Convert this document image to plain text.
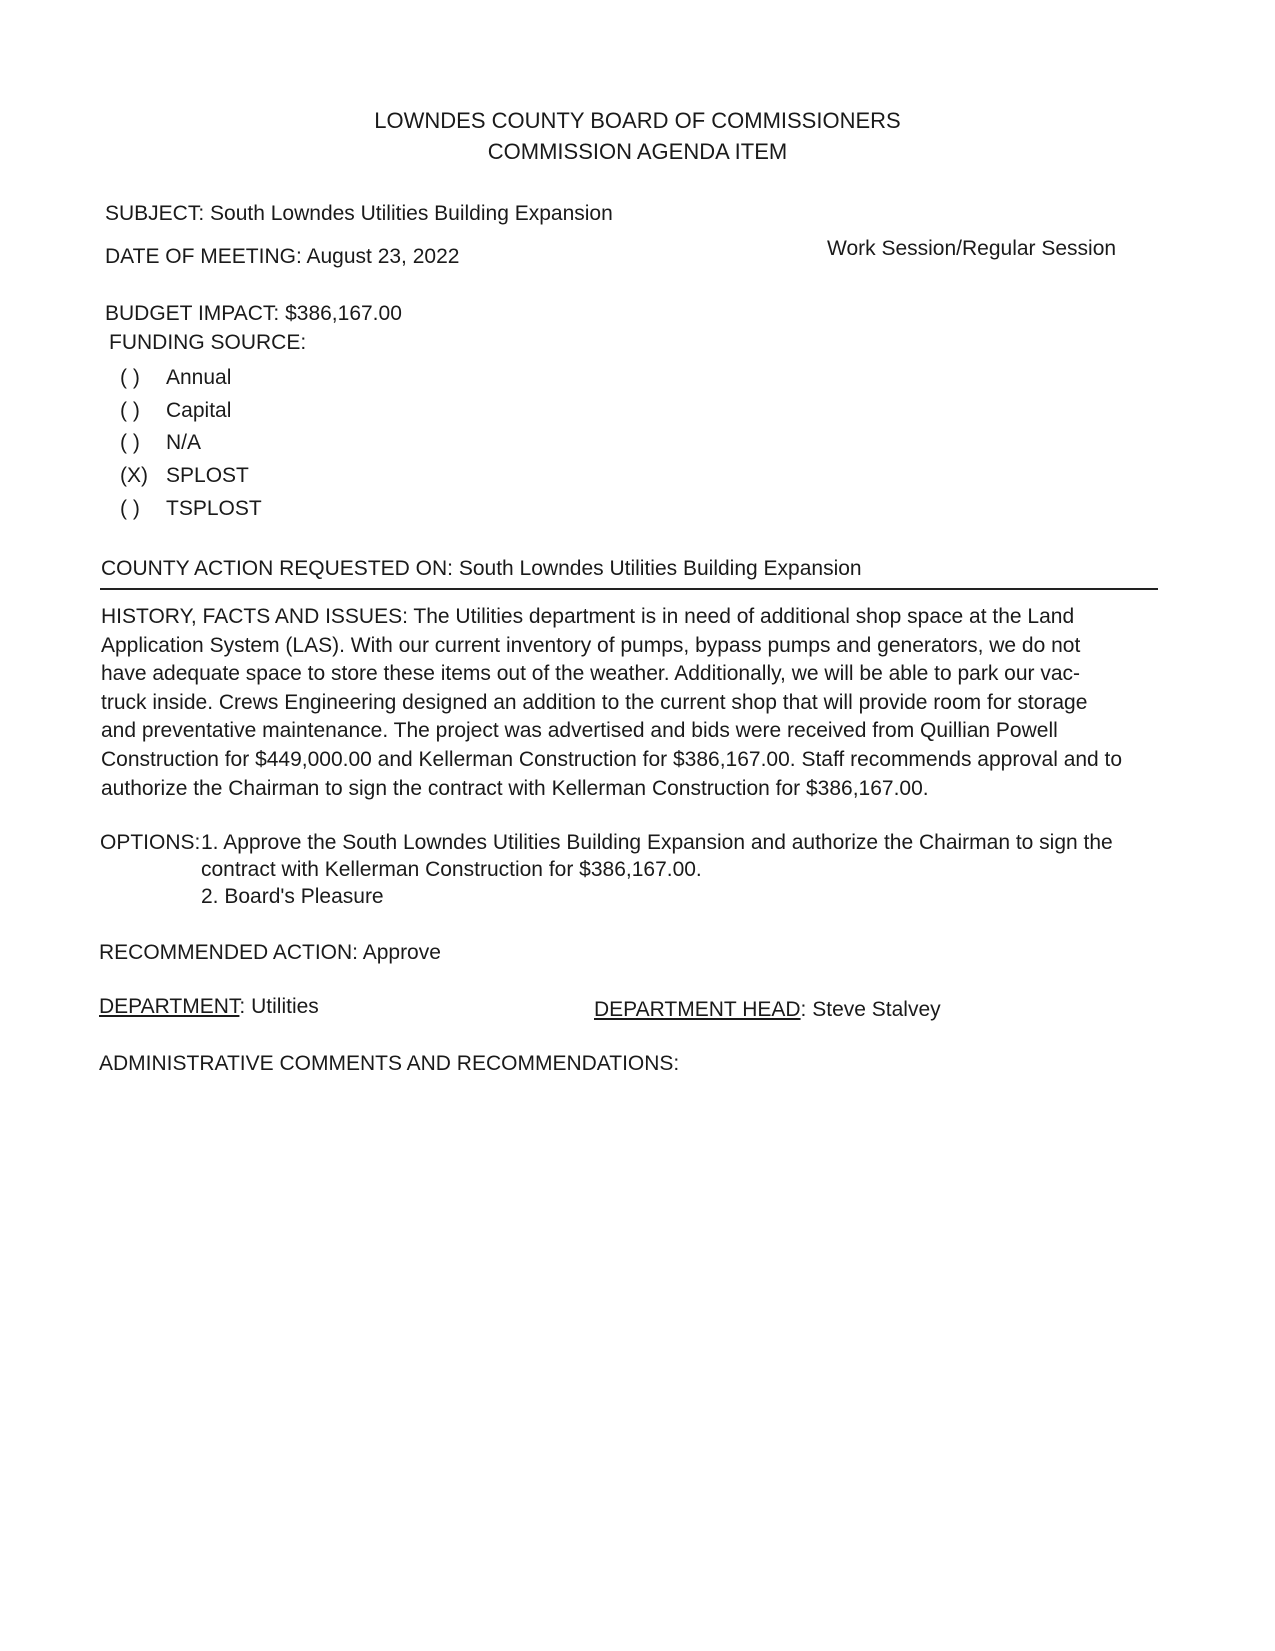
LOWNDES COUNTY BOARD OF COMMISSIONERS
COMMISSION AGENDA ITEM
SUBJECT: South Lowndes Utilities Building Expansion
DATE OF MEETING: August 23, 2022	Work Session/Regular Session
BUDGET IMPACT: $386,167.00
FUNDING SOURCE:
( ) Annual
( ) Capital
( ) N/A
(X) SPLOST
( ) TSPLOST
COUNTY ACTION REQUESTED ON: South Lowndes Utilities Building Expansion
HISTORY, FACTS AND ISSUES: The Utilities department is in need of additional shop space at the Land
Application System (LAS). With our current inventory of pumps, bypass pumps and generators, we do not
have adequate space to store these items out of the weather. Additionally, we will be able to park our vac-
truck inside. Crews Engineering designed an addition to the current shop that will provide room for storage
and preventative maintenance. The project was advertised and bids were received from Quillian Powell
Construction for $449,000.00 and Kellerman Construction for $386,167.00. Staff recommends approval and to
authorize the Chairman to sign the contract with Kellerman Construction for $386,167.00.
OPTIONS: 1. Approve the South Lowndes Utilities Building Expansion and authorize the Chairman to sign the
contract with Kellerman Construction for $386,167.00.
2. Board's Pleasure
RECOMMENDED ACTION: Approve
DEPARTMENT: Utilities	DEPARTMENT HEAD: Steve Stalvey
ADMINISTRATIVE COMMENTS AND RECOMMENDATIONS:
